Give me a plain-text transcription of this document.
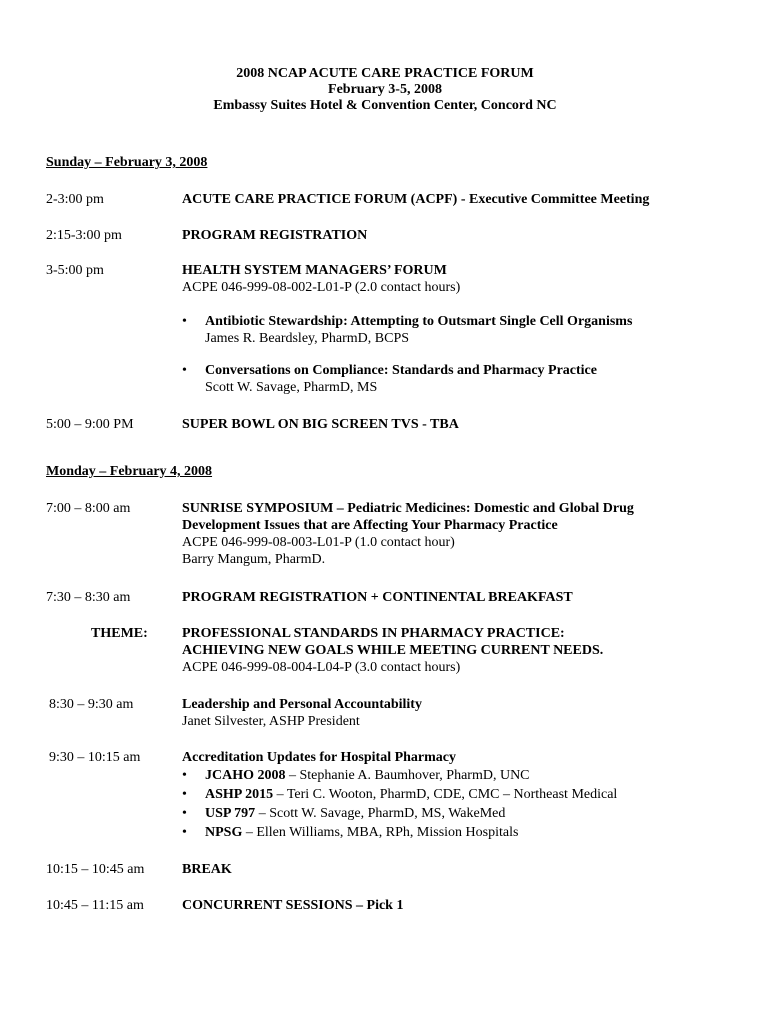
2008 NCAP ACUTE CARE PRACTICE FORUM
February 3-5, 2008
Embassy Suites Hotel & Convention Center, Concord NC
Sunday – February 3, 2008
2-3:00 pm	ACUTE CARE PRACTICE FORUM (ACPF) - Executive Committee Meeting
2:15-3:00 pm	PROGRAM REGISTRATION
3-5:00 pm	HEALTH SYSTEM MANAGERS’ FORUM
ACPE 046-999-08-002-L01-P (2.0 contact hours)
• Antibiotic Stewardship: Attempting to Outsmart Single Cell Organisms
James R. Beardsley, PharmD, BCPS
• Conversations on Compliance: Standards and Pharmacy Practice
Scott W. Savage, PharmD, MS
5:00 – 9:00 PM	SUPER BOWL ON BIG SCREEN TVS - TBA
Monday – February 4, 2008
7:00 – 8:00 am	SUNRISE SYMPOSIUM – Pediatric Medicines: Domestic and Global Drug
Development Issues that are Affecting Your Pharmacy Practice
ACPE 046-999-08-003-L01-P (1.0 contact hour)
Barry Mangum, PharmD.
7:30 – 8:30 am	PROGRAM REGISTRATION + CONTINENTAL BREAKFAST
THEME: PROFESSIONAL STANDARDS IN PHARMACY PRACTICE:
ACHIEVING NEW GOALS WHILE MEETING CURRENT NEEDS.
ACPE 046-999-08-004-L04-P (3.0 contact hours)
8:30 – 9:30 am	Leadership and Personal Accountability
Janet Silvester, ASHP President
9:30 – 10:15 am	Accreditation Updates for Hospital Pharmacy
• JCAHO 2008 – Stephanie A. Baumhover, PharmD, UNC
• ASHP 2015 – Teri C. Wooton, PharmD, CDE, CMC – Northeast Medical
• USP 797 – Scott W. Savage, PharmD, MS, WakeMed
• NPSG – Ellen Williams, MBA, RPh, Mission Hospitals
10:15 – 10:45 am	BREAK
10:45 – 11:15 am	CONCURRENT SESSIONS – Pick 1
